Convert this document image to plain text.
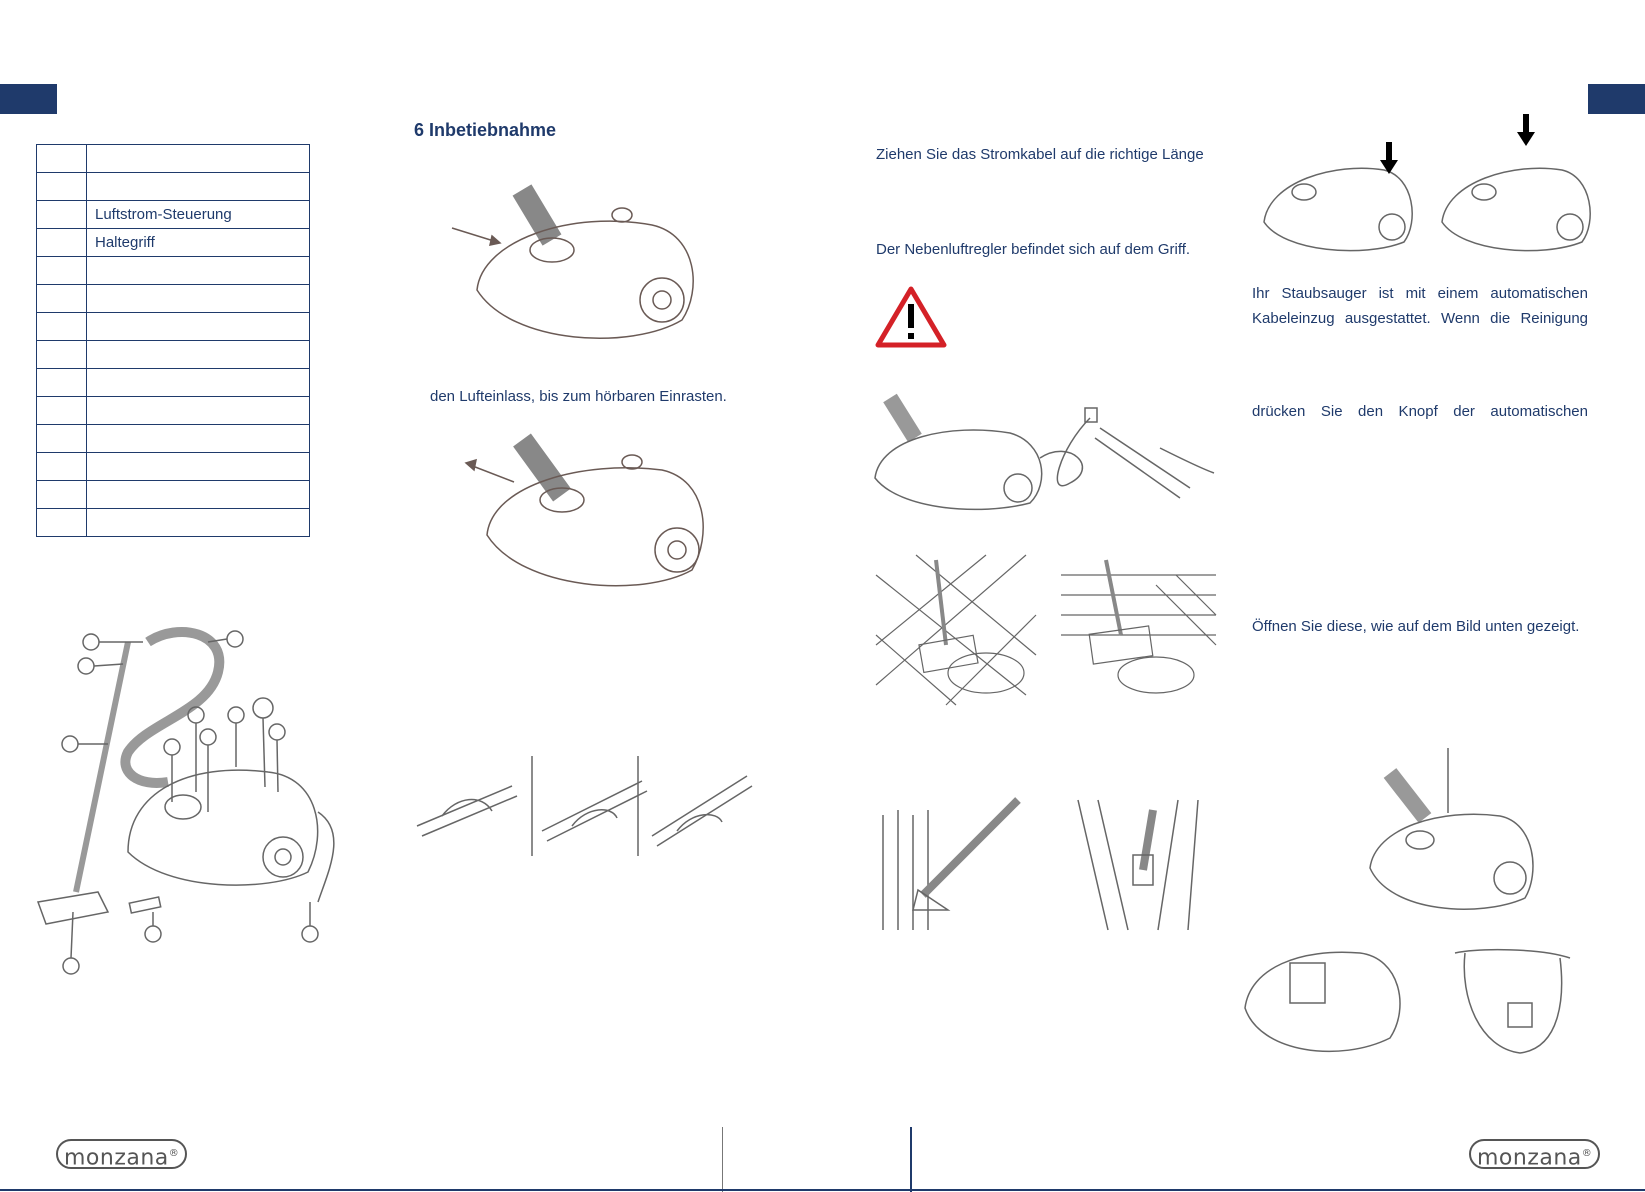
	Luftstrom-Steuerung
	Haltegriff

6 Inbetiebnahme
den Lufteinlass, bis zum hörbaren Einrasten.
Ziehen Sie das Stromkabel auf die richtige Länge
Der Nebenluftregler befindet sich auf dem Griff.
Ihr Staubsauger ist mit einem automatischen
Kabeleinzug ausgestattet. Wenn die Reinigung
drücken Sie den Knopf der automatischen
Öffnen Sie diese, wie auf dem Bild unten gezeigt.
monzana®	monzana®
